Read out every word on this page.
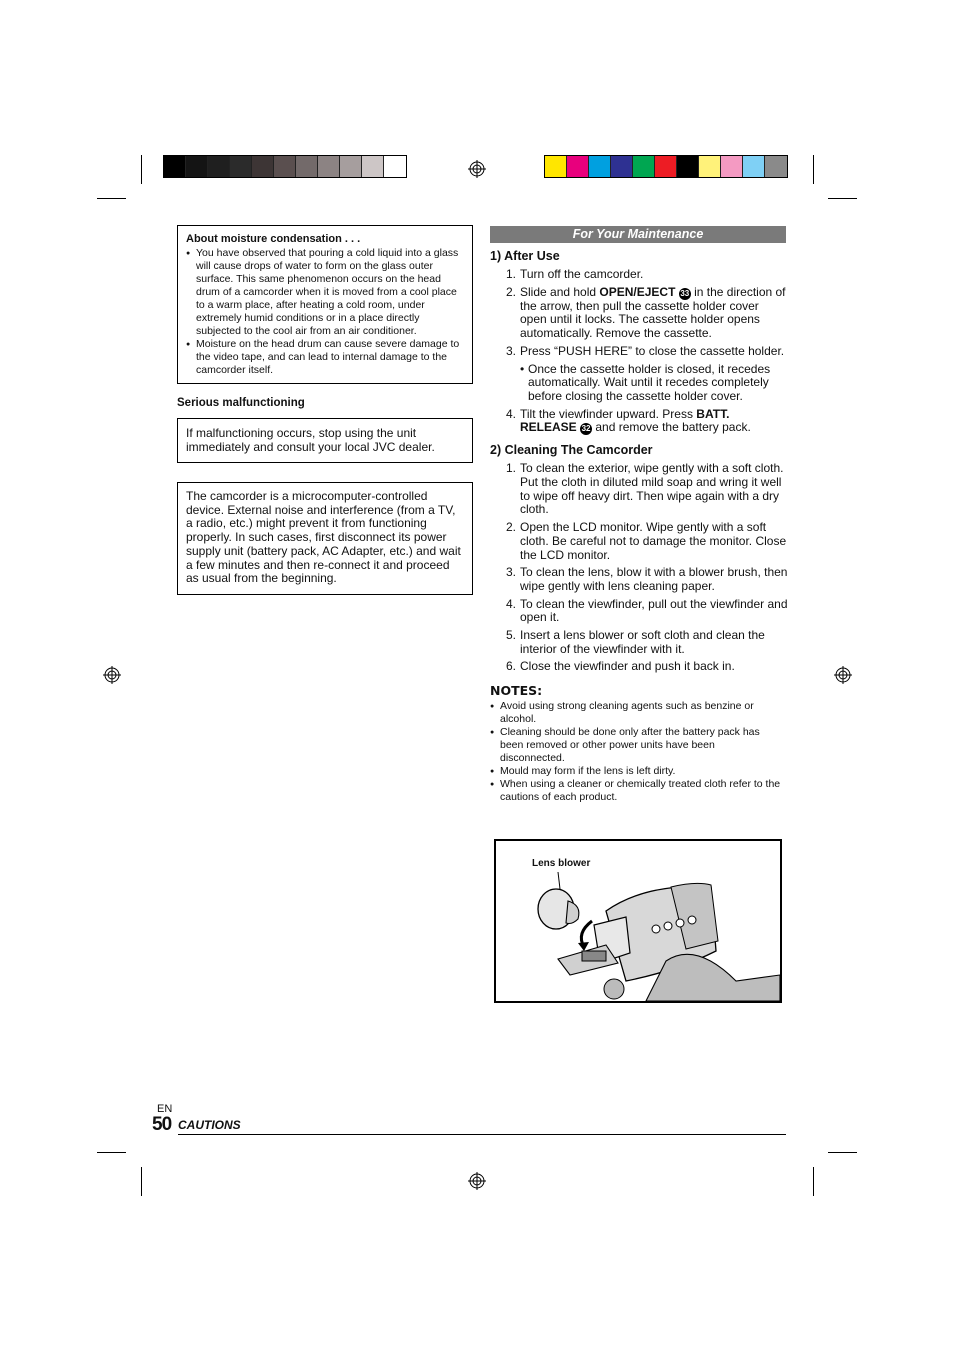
About moisture condensation . . .
● You have observed that pouring a cold liquid into a glass will cause drops of water to form on the glass outer surface. This same phenomenon occurs on the head drum of a camcorder when it is moved from a cool place to a warm place, after heating a cold room, under extremely humid conditions or in a place directly subjected to the cool air from an air conditioner.
● Moisture on the head drum can cause severe damage to the video tape, and can lead to internal damage to the camcorder itself.
Serious malfunctioning
If malfunctioning occurs, stop using the unit immediately and consult your local JVC dealer.
The camcorder is a microcomputer-controlled device. External noise and interference (from a TV, a radio, etc.) might prevent it from functioning properly. In such cases, first disconnect its power supply unit (battery pack, AC Adapter, etc.) and wait a few minutes and then re-connect it and proceed as usual from the beginning.
For Your Maintenance
1) After Use
1. Turn off the camcorder.
2. Slide and hold OPEN/EJECT 33 in the direction of the arrow, then pull the cassette holder cover open until it locks. The cassette holder opens automatically. Remove the cassette.
3. Press “PUSH HERE” to close the cassette holder.
• Once the cassette holder is closed, it recedes automatically. Wait until it recedes completely before closing the cassette holder cover.
4. Tilt the viewfinder upward. Press BATT. RELEASE 32 and remove the battery pack.
2) Cleaning The Camcorder
1. To clean the exterior, wipe gently with a soft cloth. Put the cloth in diluted mild soap and wring it well to wipe off heavy dirt. Then wipe again with a dry cloth.
2. Open the LCD monitor. Wipe gently with a soft cloth. Be careful not to damage the monitor. Close the LCD monitor.
3. To clean the lens, blow it with a blower brush, then wipe gently with lens cleaning paper.
4. To clean the viewfinder, pull out the viewfinder and open it.
5. Insert a lens blower or soft cloth and clean the interior of the viewfinder with it.
6. Close the viewfinder and push it back in.
NOTES:
● Avoid using strong cleaning agents such as benzine or alcohol.
● Cleaning should be done only after the battery pack has been removed or other power units have been disconnected.
● Mould may form if the lens is left dirty.
● When using a cleaner or chemically treated cloth refer to the cautions of each product.
Lens blower
EN
50 CAUTIONS
